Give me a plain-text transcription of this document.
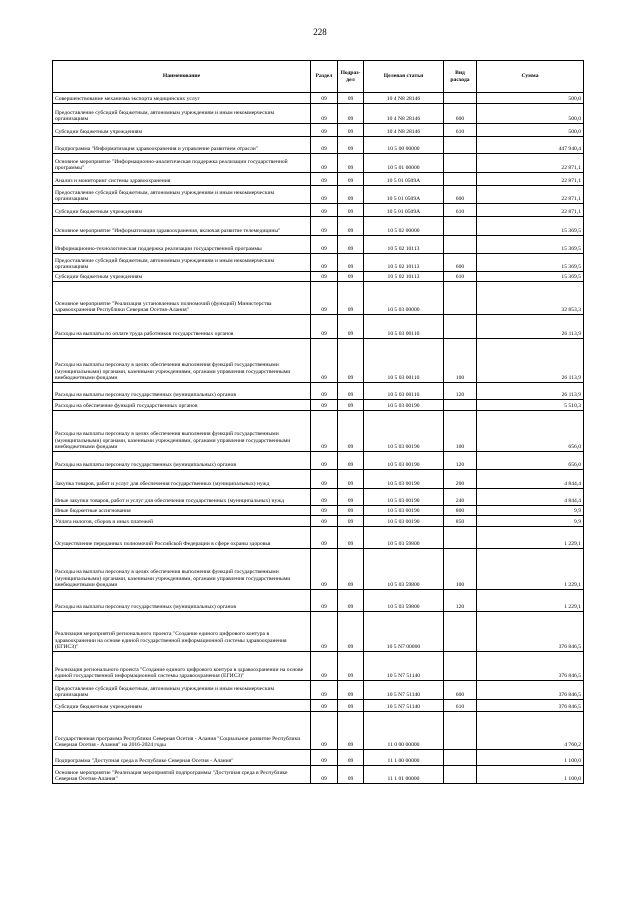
228
Наименование	Раздел	Подраз-дел	Целевая статья	Вид расхода	Сумма
Совершенствование механизма экспорта медицинских услуг	09	09	10 4 N8 28146		500,0
Предоставление субсидий бюджетным, автономным учреждениям и иным некоммерческим организациям	09	09	10 4 N8 28146	600	500,0
Субсидии бюджетным учреждениям	09	09	10 4 N8 28146	610	500,0
Подпрограмма "Информатизация здравоохранения и управление развитием отрасли"	09	09	10 5 00 00000		447 940,4
Основное мероприятие "Информационно-аналитическая поддержка реализации государственной программы"	09	09	10 5 01 00000		22 871,1
Анализ и мониторинг системы здравоохранения	09	09	10 5 01 0509A		22 871,1
Предоставление субсидий бюджетным, автономным учреждениям и иным некоммерческим организациям	09	09	10 5 01 0509A	600	22 871,1
Субсидии бюджетным учреждениям	09	09	10 5 01 0509A	610	22 871,1
Основное мероприятие "Информатизация здравоохранения, включая развитие телемедицины"	09	09	10 5 02 00000		15 369,5
Информационно-технологическая поддержка реализации государственной программы	09	09	10 5 02 10113		15 369,5
Предоставление субсидий бюджетным, автономным учреждениям и иным некоммерческим организациям	09	09	10 5 02 10113	600	15 369,5
Субсидии бюджетным учреждениям	09	09	10 5 02 10113	610	15 369,5
Основное мероприятие "Реализация установленных полномочий (функций) Министерства здравоохранения Республики Северная Осетия-Алания"	09	09	10 5 03 00000		32 853,3
Расходы на выплаты по оплате труда работников государственных органов	09	09	10 5 03 00110		26 113,9
Расходы на выплаты персоналу в целях обеспечения выполнения функций государственными (муниципальными) органами, казенными учреждениями, органами управления государственными внебюджетными фондами	09	09	10 5 03 00110	100	26 113,9
Расходы на выплаты персоналу государственных (муниципальных) органов	09	09	10 5 03 00110	120	26 113,9
Расходы на обеспечение функций государственных органов	09	09	10 5 03 00190		5 510,3
Расходы на выплаты персоналу в целях обеспечения выполнения функций государственными (муниципальными) органами, казенными учреждениями, органами управления государственными внебюджетными фондами	09	09	10 5 03 00190	100	656,0
Расходы на выплаты персоналу государственных (муниципальных) органов	09	09	10 5 03 00190	120	656,0
Закупка товаров, работ и услуг для обеспечения государственных (муниципальных) нужд	09	09	10 5 03 00190	200	4 844,4
Иные закупки товаров, работ и услуг для обеспечения государственных (муниципальных) нужд	09	09	10 5 03 00190	240	4 844,4
Иные бюджетные ассигнования	09	09	10 5 03 00190	800	9,9
Уплата налогов, сборов и иных платежей	09	09	10 5 03 00190	850	9,9
Осуществление переданных полномочий Российской Федерации в сфере охраны здоровья	09	09	10 5 03 59800		1 229,1
Расходы на выплаты персоналу в целях обеспечения выполнения функций государственными (муниципальными) органами, казенными учреждениями, органами управления государственными внебюджетными фондами	09	09	10 5 03 59800	100	1 229,1
Расходы на выплаты персоналу государственных (муниципальных) органов	09	09	10 5 03 59800	120	1 229,1
Реализация мероприятий регионального проекта "Создание единого цифрового контура в здравоохранении на основе единой государственной информационной системы здравоохранения (ЕГИСЗ)"	09	09	10 5 N7 00000		376 846,5
Реализация регионального проекта "Создание единого цифрового контура в здравоохранении на основе единой государственной информационной системы здравоохранения (ЕГИСЗ)"	09	09	10 5 N7 51140		376 846,5
Предоставление субсидий бюджетным, автономным учреждениям и иным некоммерческим организациям	09	09	10 5 N7 51140	600	376 846,5
Субсидии бюджетным учреждениям	09	09	10 5 N7 51140	610	376 846,5
Государственная программа Республики Северная Осетия - Алания "Социальное развитие Республики Северная Осетия - Алания" на 2016-2024 годы	09	09	11 0 00 00000		4 760,2
Подпрограмма "Доступная среда в Республике Северная Осетия - Алания"	09	09	11 1 00 00000		1 100,0
Основное мероприятие "Реализация мероприятий подпрограммы "Доступная среда в Республике Северная Осетия-Алания"	09	09	11 1 01 00000		1 100,0
